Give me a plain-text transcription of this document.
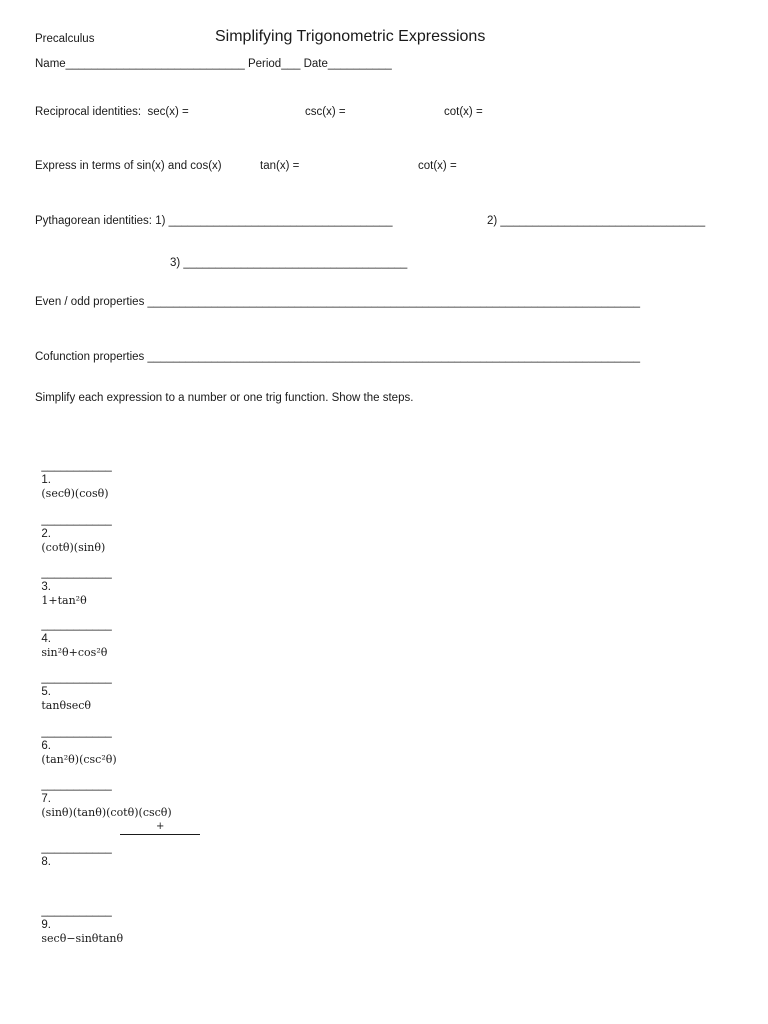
Precalculus	Simplifying Trigonometric Expressions
Name____________________________ Period___ Date__________
Reciprocal identities:  sec(x) =	csc(x) =	cot(x) =
Express in terms of sin(x) and cos(x)	tan(x) =	cot(x) =
Pythagorean identities: 1) ___________________________________	2) ________________________________
3) ___________________________________
Even / odd properties _____________________________________________________________________________
Cofunction properties _____________________________________________________________________________
Simplify each expression to a number or one trig function. Show the steps.

___________
1.
(secθ)(cosθ)

___________
2.
(cotθ)(sinθ)

___________
3.
1+tan²θ

___________
4.
sin²θ+cos²θ

___________
5.
tanθsecθ

___________
6.
(tan²θ)(csc²θ)

___________
7.
(sinθ)(tanθ)(cotθ)(cscθ)

___________
8.

+

___________
9.
secθ−sinθtanθ
